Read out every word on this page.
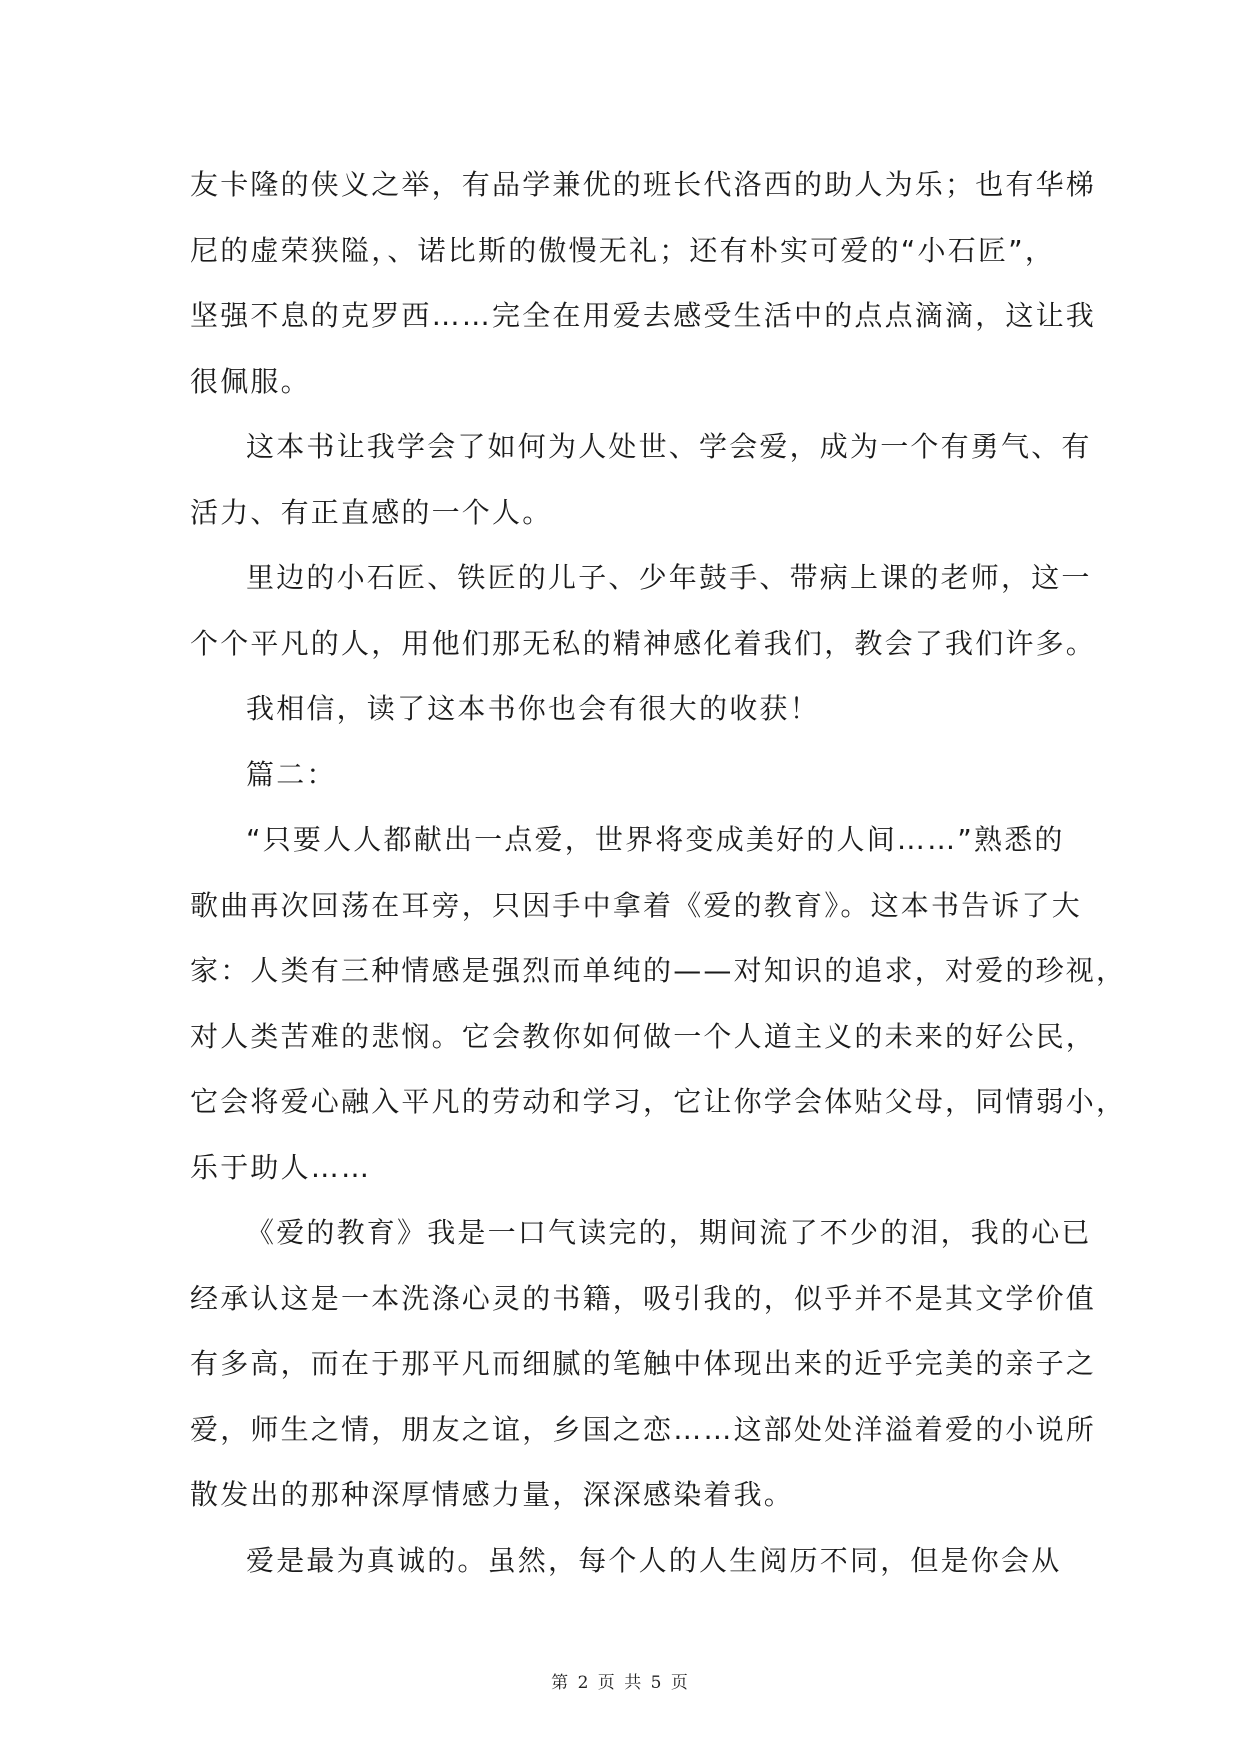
友卡隆的侠义之举，有品学兼优的班长代洛西的助人为乐；也有华梯
尼的虚荣狭隘，、诺比斯的傲慢无礼；还有朴实可爱的“小石匠”，
坚强不息的克罗西……完全在用爱去感受生活中的点点滴滴，这让我
很佩服。
这本书让我学会了如何为人处世、学会爱，成为一个有勇气、有
活力、有正直感的一个人。
里边的小石匠、铁匠的儿子、少年鼓手、带病上课的老师，这一
个个平凡的人，用他们那无私的精神感化着我们，教会了我们许多。
我相信，读了这本书你也会有很大的收获！
篇二：
“只要人人都献出一点爱，世界将变成美好的人间……”熟悉的
歌曲再次回荡在耳旁，只因手中拿着《爱的教育》。这本书告诉了大
家：人类有三种情感是强烈而单纯的——对知识的追求，对爱的珍视，
对人类苦难的悲悯。它会教你如何做一个人道主义的未来的好公民，
它会将爱心融入平凡的劳动和学习，它让你学会体贴父母，同情弱小，
乐于助人……
《爱的教育》我是一口气读完的，期间流了不少的泪，我的心已
经承认这是一本洗涤心灵的书籍，吸引我的，似乎并不是其文学价值
有多高，而在于那平凡而细腻的笔触中体现出来的近乎完美的亲子之
爱，师生之情，朋友之谊，乡国之恋……这部处处洋溢着爱的小说所
散发出的那种深厚情感力量，深深感染着我。
爱是最为真诚的。虽然，每个人的人生阅历不同，但是你会从
第 2 页 共 5 页
